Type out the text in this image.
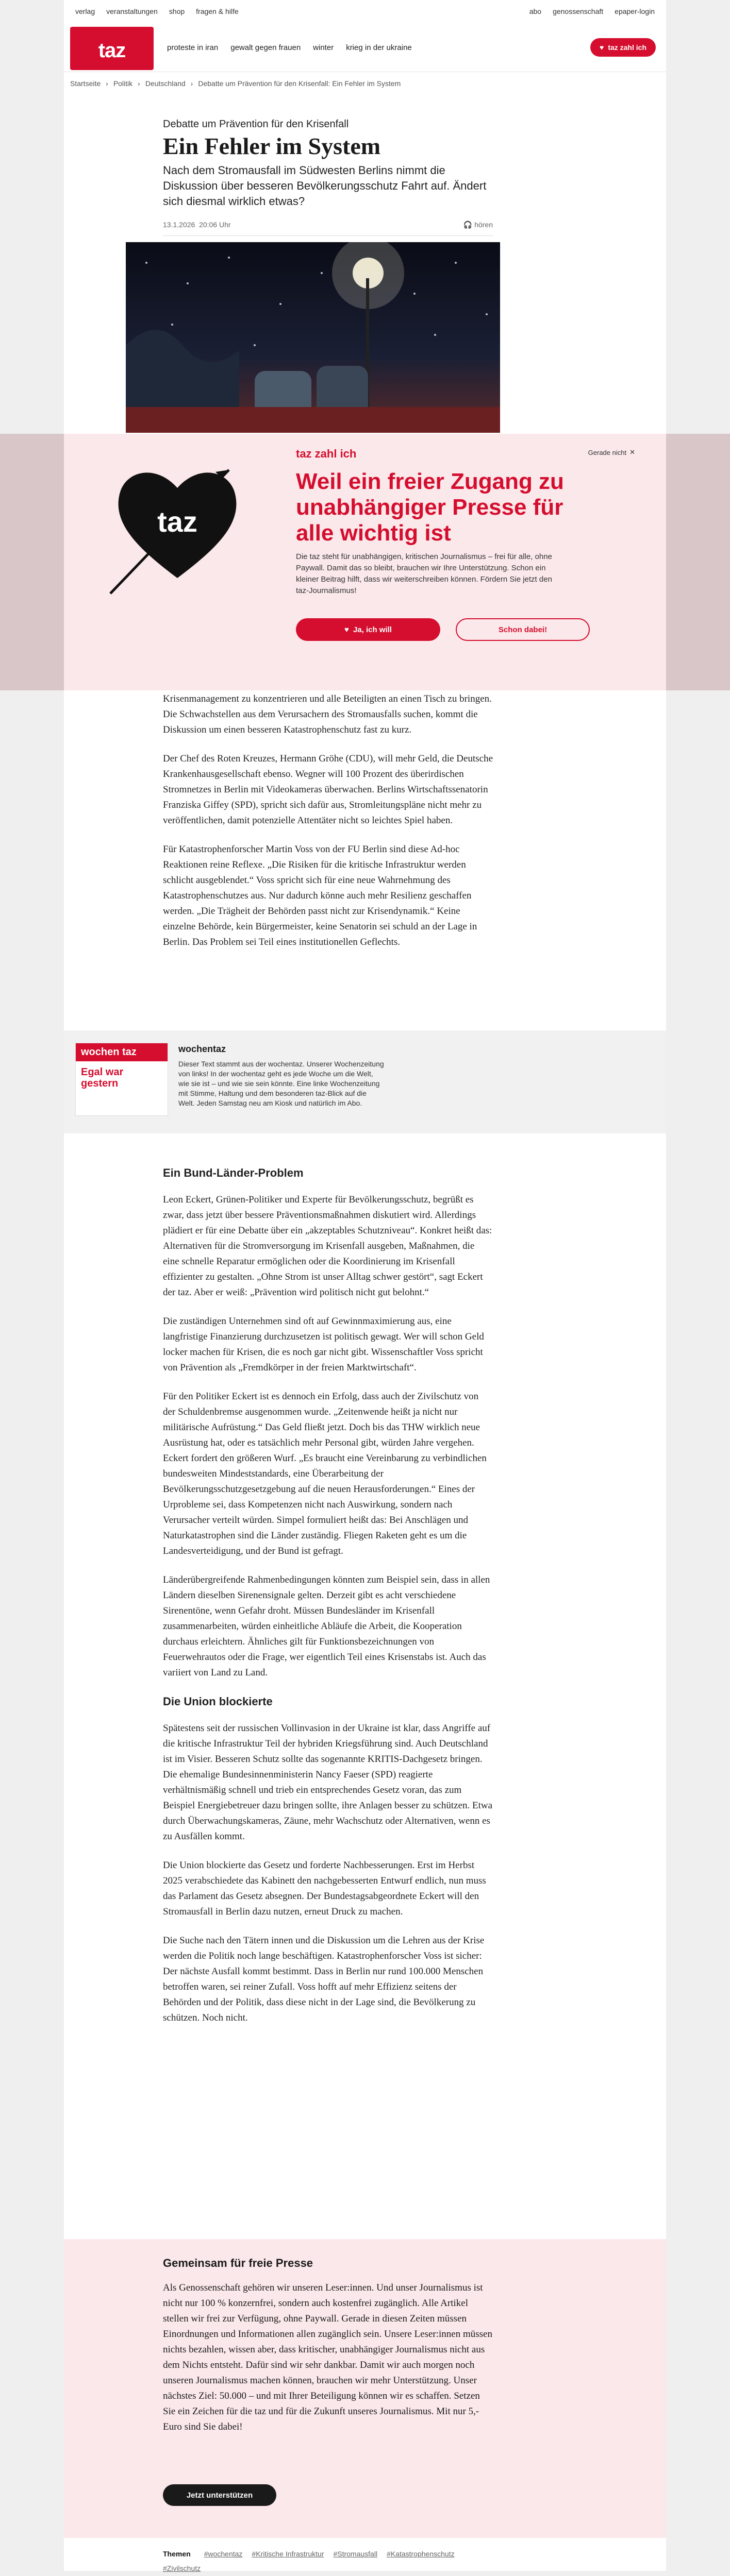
verlag veranstaltungen shop fragen & hilfe	abo genossenschaft epaper-login
taz	proteste in iran gewalt gegen frauen winter krieg in der ukraine	♥ taz zahl ich
Startseite › Politik › Deutschland › Debatte um Prävention für den Krisenfall: Ein Fehler im System
Debatte um Prävention für den Krisenfall
Ein Fehler im System
Nach dem Stromausfall im Südwesten Berlins nimmt die Diskussion über besseren Bevölkerungsschutz Fahrt auf. Ändert sich diesmal wirklich etwas?
13.1.2026 20:06 Uhr	🎧 hören

Krisenmanagement zu konzentrieren und alle Beteiligten an einen Tisch zu bringen. Die Schwachstellen aus dem Verursachern des Stromausfalls suchen, kommt die Diskussion um einen besseren Katastrophenschutz fast zu kurz.

Der Chef des Roten Kreuzes, Hermann Gröhe (CDU), will mehr Geld, die Deutsche Krankenhausgesellschaft ebenso. Wegner will 100 Prozent des überirdischen Stromnetzes in Berlin mit Videokameras überwachen. Berlins Wirtschaftssenatorin Franziska Giffey (SPD), spricht sich dafür aus, Stromleitungspläne nicht mehr zu veröffentlichen, damit potenzielle Attentäter nicht so leichtes Spiel haben.

Für Katastrophenforscher Martin Voss von der FU Berlin sind diese Ad-hoc Reaktionen reine Reflexe. „Die Risiken für die kritische Infrastruktur werden schlicht ausgeblendet.“ Voss spricht sich für eine neue Wahrnehmung des Katastrophenschutzes aus. Nur dadurch könne auch mehr Resilienz geschaffen werden. „Die Trägheit der Behörden passt nicht zur Krisendynamik.“ Keine einzelne Behörde, kein Bürgermeister, keine Senatorin sei schuld an der Lage in Berlin. Das Problem sei Teil eines institutionellen Geflechts.

taz
taz zahl ich	Gerade nicht ✕
Weil ein freier Zugang zu unabhängiger Presse für alle wichtig ist
Die taz steht für unabhängigen, kritischen Journalismus – frei für alle, ohne Paywall. Damit das so bleibt, brauchen wir Ihre Unterstützung. Schon ein kleiner Beitrag hilft, dass wir weiterschreiben können. Fördern Sie jetzt den taz-Journalismus!
♥ Ja, ich will	Schon dabei!
wochen taz
Egal war gestern
wochentaz
Dieser Text stammt aus der wochentaz. Unserer Wochenzeitung von links! In der wochentaz geht es jede Woche um die Welt, wie sie ist – und wie sie sein könnte. Eine linke Wochenzeitung mit Stimme, Haltung und dem besonderen taz-Blick auf die Welt. Jeden Samstag neu am Kiosk und natürlich im Abo.
Ein Bund-Länder-Problem

Leon Eckert, Grünen-Politiker und Experte für Bevölkerungsschutz, begrüßt es zwar, dass jetzt über bessere Präventionsmaßnahmen diskutiert wird. Allerdings plädiert er für eine Debatte über ein „akzeptables Schutzniveau“. Konkret heißt das: Alternativen für die Stromversorgung im Krisenfall ausgeben, Maßnahmen, die eine schnelle Reparatur ermöglichen oder die Koordinierung im Krisenfall effizienter zu gestalten. „Ohne Strom ist unser Alltag schwer gestört“, sagt Eckert der taz. Aber er weiß: „Prävention wird politisch nicht gut belohnt.“

Die zuständigen Unternehmen sind oft auf Gewinnmaximierung aus, eine langfristige Finanzierung durchzusetzen ist politisch gewagt. Wer will schon Geld locker machen für Krisen, die es noch gar nicht gibt. Wissenschaftler Voss spricht von Prävention als „Fremdkörper in der freien Marktwirtschaft“.

Für den Politiker Eckert ist es dennoch ein Erfolg, dass auch der Zivilschutz von der Schuldenbremse ausgenommen wurde. „Zeitenwende heißt ja nicht nur militärische Aufrüstung.“ Das Geld fließt jetzt. Doch bis das THW wirklich neue Ausrüstung hat, oder es tatsächlich mehr Personal gibt, würden Jahre vergehen. Eckert fordert den größeren Wurf. „Es braucht eine Vereinbarung zu verbindlichen bundesweiten Mindeststandards, eine Überarbeitung der Bevölkerungsschutzgesetzgebung auf die neuen Herausforderungen.“ Eines der Urprobleme sei, dass Kompetenzen nicht nach Auswirkung, sondern nach Verursacher verteilt würden. Simpel formuliert heißt das: Bei Anschlägen und Naturkatastrophen sind die Länder zuständig. Fliegen Raketen geht es um die Landesverteidigung, und der Bund ist gefragt.

Länderübergreifende Rahmenbedingungen könnten zum Beispiel sein, dass in allen Ländern dieselben Sirenensignale gelten. Derzeit gibt es acht verschiedene Sirenentöne, wenn Gefahr droht. Müssen Bundesländer im Krisenfall zusammenarbeiten, würden einheitliche Abläufe die Arbeit, die Kooperation durchaus erleichtern. Ähnliches gilt für Funktionsbezeichnungen von Feuerwehrautos oder die Frage, wer eigentlich Teil eines Krisenstabs ist. Auch das variiert von Land zu Land.

Die Union blockierte

Spätestens seit der russischen Vollinvasion in der Ukraine ist klar, dass Angriffe auf die kritische Infrastruktur Teil der hybriden Kriegsführung sind. Auch Deutschland ist im Visier. Besseren Schutz sollte das sogenannte KRITIS-Dachgesetz bringen. Die ehemalige Bundesinnenministerin Nancy Faeser (SPD) reagierte verhältnismäßig schnell und trieb ein entsprechendes Gesetz voran, das zum Beispiel Energiebetreuer dazu bringen sollte, ihre Anlagen besser zu schützen. Etwa durch Überwachungskameras, Zäune, mehr Wachschutz oder Alternativen, wenn es zu Ausfällen kommt.

Die Union blockierte das Gesetz und forderte Nachbesserungen. Erst im Herbst 2025 verabschiedete das Kabinett den nachgebesserten Entwurf endlich, nun muss das Parlament das Gesetz absegnen. Der Bundestagsabgeordnete Eckert will den Stromausfall in Berlin dazu nutzen, erneut Druck zu machen.

Die Suche nach den Tätern innen und die Diskussion um die Lehren aus der Krise werden die Politik noch lange beschäftigen. Katastrophenforscher Voss ist sicher: Der nächste Ausfall kommt bestimmt. Dass in Berlin nur rund 100.000 Menschen betroffen waren, sei reiner Zufall. Voss hofft auf mehr Effizienz seitens der Behörden und der Politik, dass diese nicht in der Lage sind, die Bevölkerung zu schützen. Noch nicht.

Gemeinsam für freie Presse
Als Genossenschaft gehören wir unseren Leser:innen. Und unser Journalismus ist nicht nur 100 % konzernfrei, sondern auch kostenfrei zugänglich. Alle Artikel stellen wir frei zur Verfügung, ohne Paywall. Gerade in diesen Zeiten müssen Einordnungen und Informationen allen zugänglich sein. Unsere Leser:innen müssen nichts bezahlen, wissen aber, dass kritischer, unabhängiger Journalismus nicht aus dem Nichts entsteht. Dafür sind wir sehr dankbar. Damit wir auch morgen noch unseren Journalismus machen können, brauchen wir mehr Unterstützung. Unser nächstes Ziel: 50.000 – und mit Ihrer Beteiligung können wir es schaffen. Setzen Sie ein Zeichen für die taz und für die Zukunft unseres Journalismus. Mit nur 5,- Euro sind Sie dabei!
Jetzt unterstützen
Themen #wochentaz #Kritische Infrastruktur #Stromausfall #Katastrophenschutz
#Zivilschutz
